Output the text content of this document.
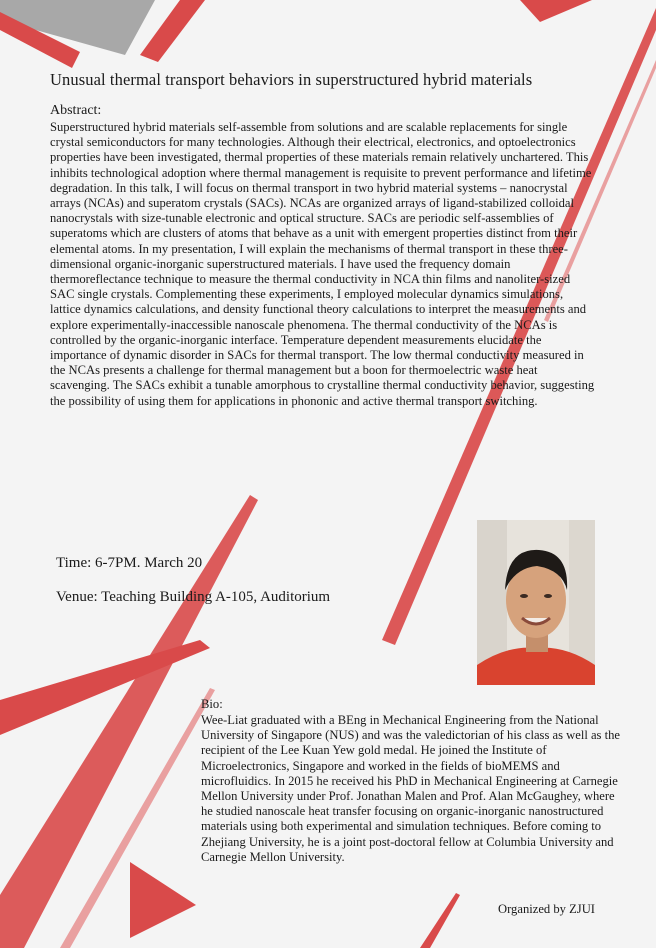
Unusual thermal transport behaviors in superstructured hybrid materials
Abstract:
Superstructured hybrid materials self-assemble from solutions and are scalable replacements for single crystal semiconductors for many technologies. Although their electrical, electronics, and optoelectronics properties have been investigated, thermal properties of these materials remain relatively unchartered. This inhibits technological adoption where thermal management is requisite to prevent performance and lifetime degradation. In this talk, I will focus on thermal transport in two hybrid material systems – nanocrystal arrays (NCAs) and superatom crystals (SACs). NCAs are organized arrays of ligand-stabilized colloidal nanocrystals with size-tunable electronic and optical structure. SACs are periodic self-assemblies of superatoms which are clusters of atoms that behave as a unit with emergent properties distinct from their elemental atoms. In my presentation, I will explain the mechanisms of thermal transport in these three-dimensional organic-inorganic superstructured materials. I have used the frequency domain thermoreflectance technique to measure the thermal conductivity in NCA thin films and nanoliter-sized SAC single crystals. Complementing these experiments, I employed molecular dynamics simulations, lattice dynamics calculations, and density functional theory calculations to interpret the measurements and explore experimentally-inaccessible nanoscale phenomena. The thermal conductivity of the NCAs is controlled by the organic-inorganic interface. Temperature dependent measurements elucidate the importance of dynamic disorder in SACs for thermal transport. The low thermal conductivity measured in the NCAs presents a challenge for thermal management but a boon for thermoelectric waste heat scavenging. The SACs exhibit a tunable amorphous to crystalline thermal conductivity behavior, suggesting the possibility of using them for applications in phononic and active thermal transport switching.
Time: 6-7PM. March 20
Venue: Teaching Building A-105, Auditorium
Bio:
Wee-Liat graduated with a BEng in Mechanical Engineering from the National University of Singapore (NUS) and was the valedictorian of his class as well as the recipient of the Lee Kuan Yew gold medal. He joined the Institute of Microelectronics, Singapore and worked in the fields of bioMEMS and microfluidics. In 2015 he received his PhD in Mechanical Engineering at Carnegie Mellon University under Prof. Jonathan Malen and Prof. Alan McGaughey, where he studied nanoscale heat transfer focusing on organic-inorganic nanostructured materials using both experimental and simulation techniques. Before coming to Zhejiang University, he is a joint post-doctoral fellow at Columbia University and Carnegie Mellon University.
Organized by ZJUI
